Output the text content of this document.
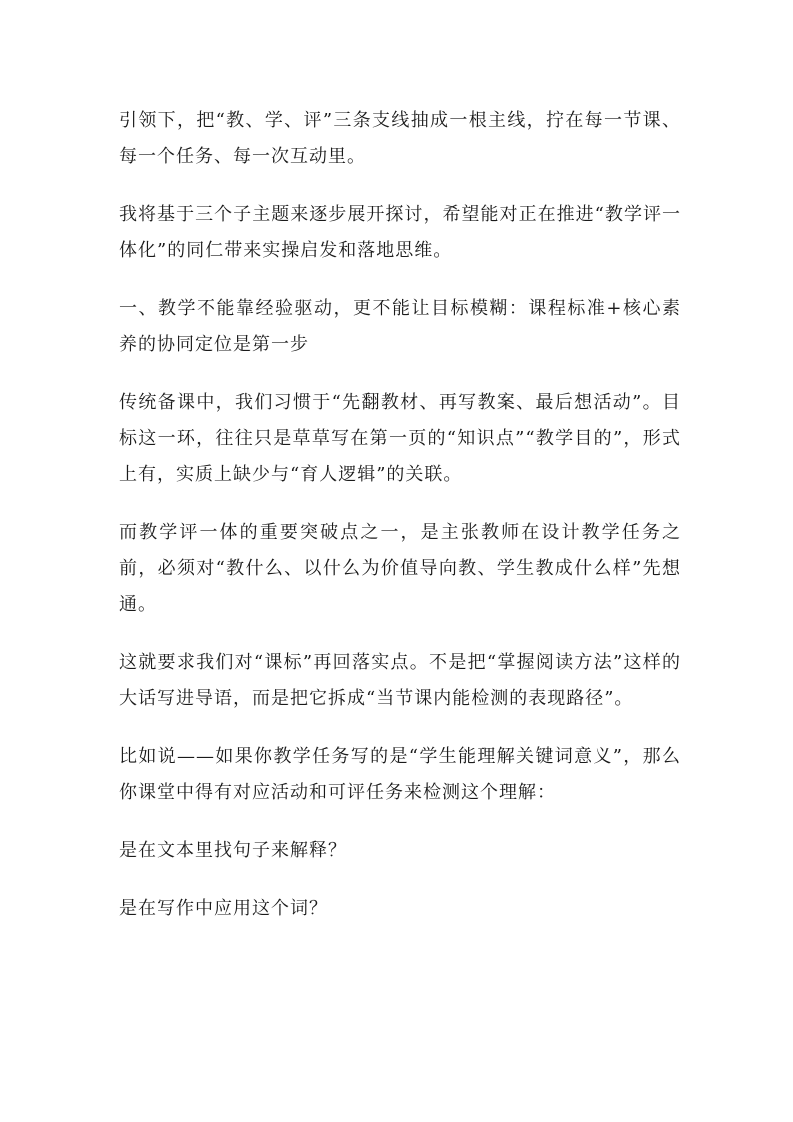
引领下，把“教、学、评”三条支线抽成一根主线，拧在每一节课、每一个任务、每一次互动里。

我将基于三个子主题来逐步展开探讨，希望能对正在推进“教学评一体化”的同仁带来实操启发和落地思维。

一、教学不能靠经验驱动，更不能让目标模糊：课程标准+核心素养的协同定位是第一步

传统备课中，我们习惯于“先翻教材、再写教案、最后想活动”。目标这一环，往往只是草草写在第一页的“知识点”“教学目的”，形式上有，实质上缺少与“育人逻辑”的关联。

而教学评一体的重要突破点之一，是主张教师在设计教学任务之前，必须对“教什么、以什么为价值导向教、学生教成什么样”先想通。

这就要求我们对“课标”再回落实点。不是把“掌握阅读方法”这样的大话写进导语，而是把它拆成“当节课内能检测的表现路径”。

比如说——如果你教学任务写的是“学生能理解关键词意义”，那么你课堂中得有对应活动和可评任务来检测这个理解：

是在文本里找句子来解释？

是在写作中应用这个词？
